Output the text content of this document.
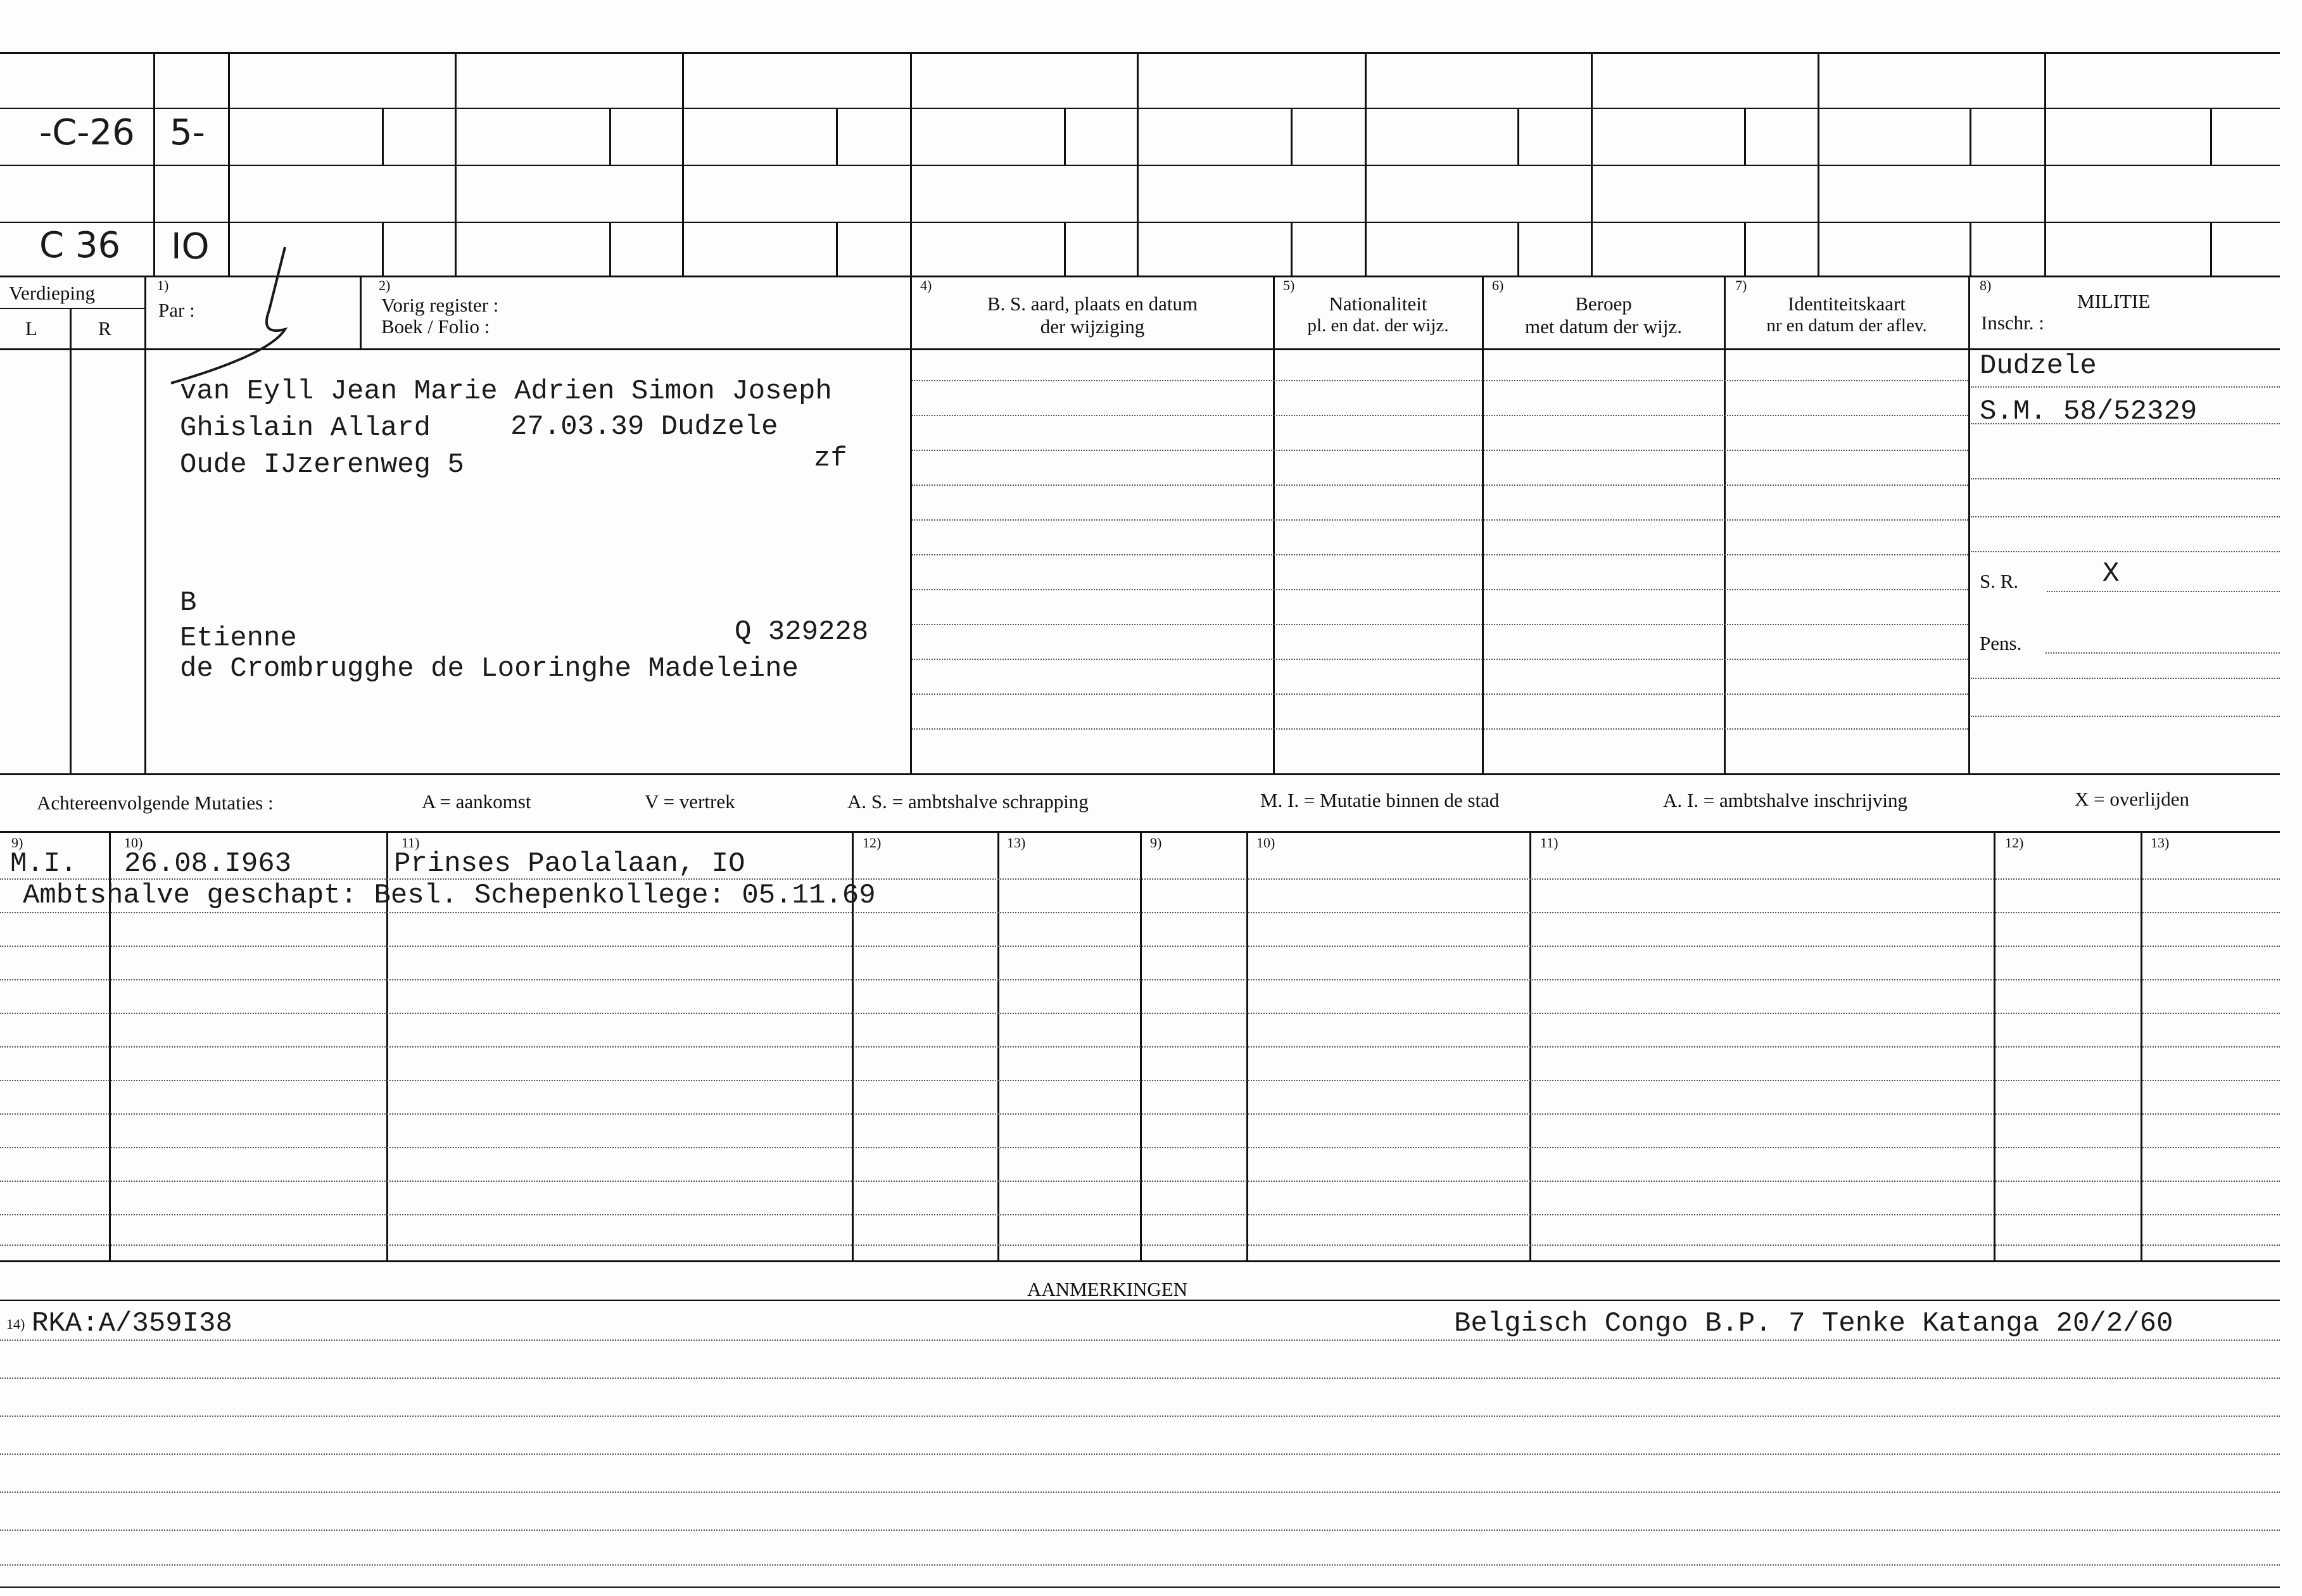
-C-26 5-
C 36 IO
Verdieping
L	R
1)
Par :
2)
Vorig register :
Boek / Folio :
4)
B. S. aard, plaats en datum
der wijziging
5)
Nationaliteit
pl. en dat. der wijz.
6)
Beroep
met datum der wijz.
7)
Identiteitskaart
nr en datum der aflev.
8)
MILITIE
Inschr. :
van Eyll Jean Marie Adrien Simon Joseph
Ghislain Allard	27.03.39 Dudzele
Oude IJzerenweg 5	zf
B
Etienne	Q 329228
de Crombrugghe de Looringhe Madeleine
Dudzele
S.M. 58/52329
S. R.	X
Pens.
Achtereenvolgende Mutaties :	A = aankomst	V = vertrek	A. S. = ambtshalve schrapping	M. I. = Mutatie binnen de stad	A. I. = ambtshalve inschrijving	X = overlijden
9)	10)	11)	12)	13)	9)	10)	11)	12)	13)
M.I. 26.08.I963	Prinses Paolalaan, IO
Ambtshalve geschapt: Besl. Schepenkollege: 05.11.69
AANMERKINGEN
14) RKA:A/359I38	Belgisch Congo B.P. 7 Tenke Katanga 20/2/60
